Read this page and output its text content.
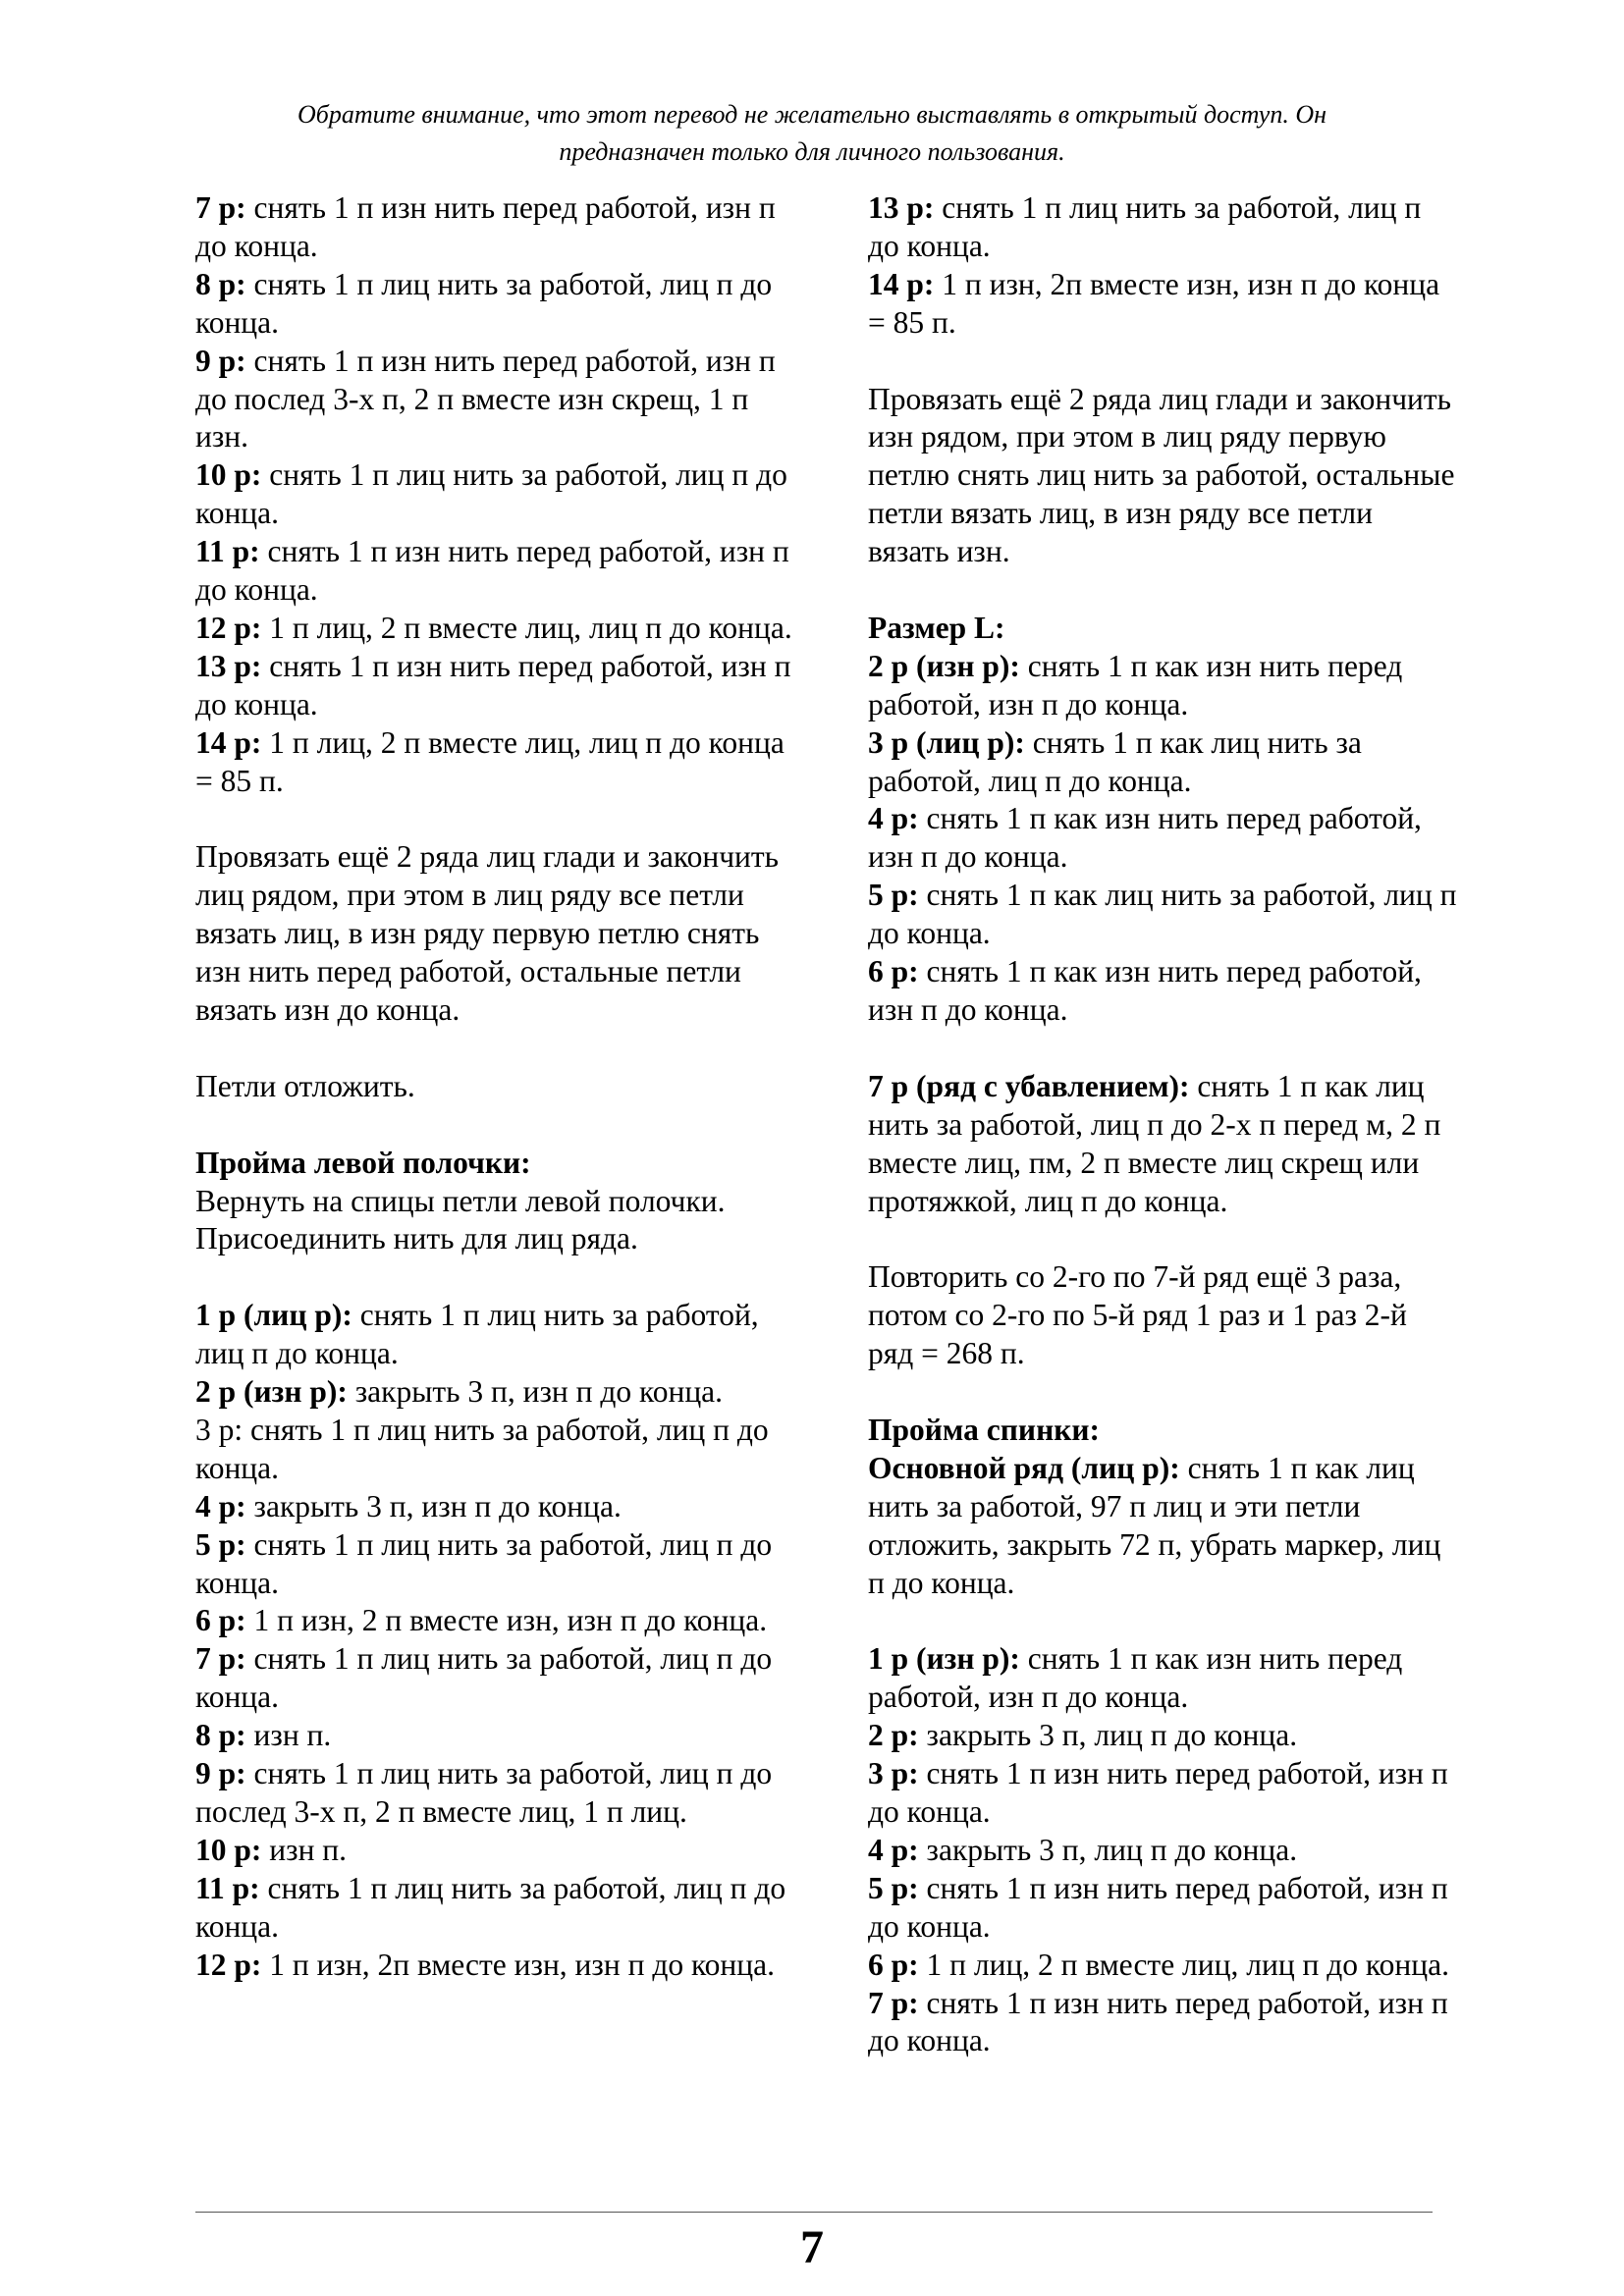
Обратите внимание, что этот перевод не желательно выставлять в открытый доступ. Он
предназначен только для личного пользования.

7 р: снять 1 п изн нить перед работой, изн п до конца.

8 р: снять 1 п лиц нить за работой, лиц п до конца.

9 р: снять 1 п изн нить перед работой, изн п до послед 3-х п, 2 п вместе изн скрещ, 1 п изн.

10 р: снять 1 п лиц нить за работой, лиц п до конца.

11 р: снять 1 п изн нить перед работой, изн п до конца.

12 р: 1 п лиц, 2 п вместе лиц, лиц п до конца.

13 р: снять 1 п изн нить перед работой, изн п до конца.

14 р: 1 п лиц, 2 п вместе лиц, лиц п до конца = 85 п.

Провязать ещё 2 ряда лиц глади и закончить лиц рядом, при этом в лиц ряду все петли вязать лиц, в изн ряду первую петлю снять изн нить перед работой, остальные петли вязать изн до конца.

Петли отложить.

Пройма левой полочки:

Вернуть на спицы петли левой полочки. Присоединить нить для лиц ряда.

1 р (лиц р): снять 1 п лиц нить за работой, лиц п до конца.

2 р (изн р): закрыть 3 п, изн п до конца.

3 р: снять 1 п лиц нить за работой, лиц п до конца.

4 р: закрыть 3 п, изн п до конца.

5 р: снять 1 п лиц нить за работой, лиц п до конца.

6 р: 1 п изн, 2 п вместе изн, изн п до конца.

7 р: снять 1 п лиц нить за работой, лиц п до конца.

8 р: изн п.

9 р: снять 1 п лиц нить за работой, лиц п до послед 3-х п, 2 п вместе лиц, 1 п лиц.

10 р: изн п.

11 р: снять 1 п лиц нить за работой, лиц п до конца.

12 р: 1 п изн, 2п вместе изн, изн п до конца.

13 р: снять 1 п лиц нить за работой, лиц п до конца.

14 р: 1 п изн, 2п вместе изн, изн п до конца = 85 п.

Провязать ещё 2 ряда лиц глади и закончить изн рядом, при этом в лиц ряду первую петлю снять лиц нить за работой, остальные петли вязать лиц, в изн ряду все петли вязать изн.

Размер L:

2 р (изн р): снять 1 п как изн нить перед работой, изн п до конца.

3 р (лиц р): снять 1 п как лиц нить за работой, лиц п до конца.

4 р: снять 1 п как изн нить перед работой, изн п до конца.

5 р: снять 1 п как лиц нить за работой, лиц п до конца.

6 р: снять 1 п как изн нить перед работой, изн п до конца.

7 р (ряд с убавлением): снять 1 п как лиц нить за работой, лиц п до 2-х п перед м, 2 п вместе лиц, пм, 2 п вместе лиц скрещ или протяжкой, лиц п до конца.

Повторить со 2-го по 7-й ряд ещё 3 раза, потом со 2-го по 5-й ряд 1 раз и 1 раз 2-й ряд = 268 п.

Пройма спинки:

Основной ряд (лиц р): снять 1 п как лиц нить за работой, 97 п лиц и эти петли отложить, закрыть 72 п, убрать маркер, лиц п до конца.

1 р (изн р): снять 1 п как изн нить перед работой, изн п до конца.

2 р: закрыть 3 п, лиц п до конца.

3 р: снять 1 п изн нить перед работой, изн п до конца.

4 р: закрыть 3 п, лиц п до конца.

5 р: снять 1 п изн нить перед работой, изн п до конца.

6 р: 1 п лиц, 2 п вместе лиц, лиц п до конца.

7 р: снять 1 п изн нить перед работой, изн п до конца.

7
